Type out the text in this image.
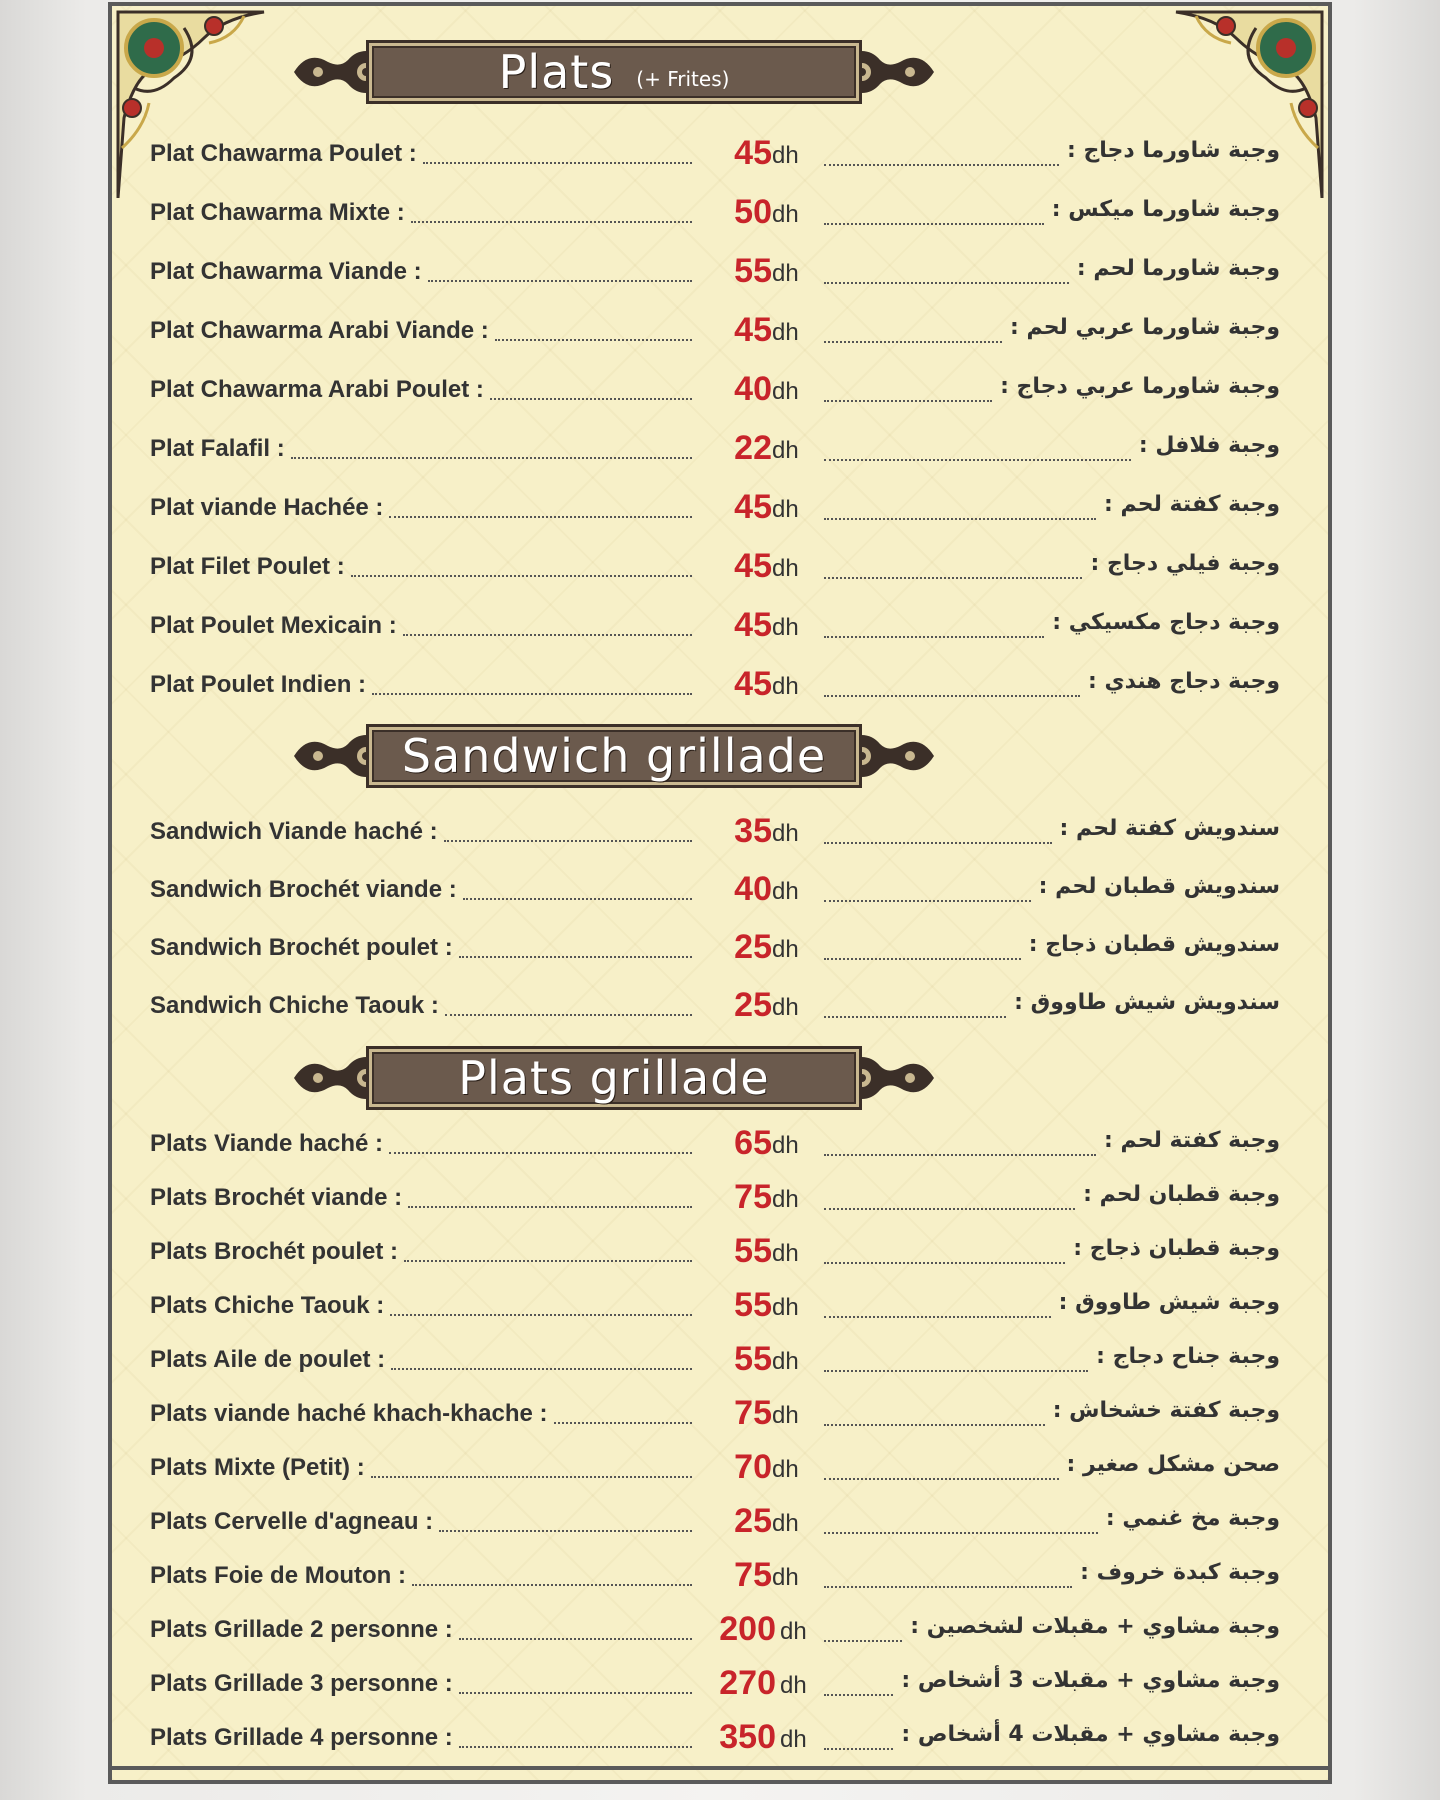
Plats (+ Frites)
Plat Chawarma Poulet :	45 dh	وجبة شاورما دجاج :
Plat Chawarma Mixte :	50 dh	وجبة شاورما ميكس :
Plat Chawarma Viande :	55 dh	وجبة شاورما لحم :
Plat Chawarma Arabi Viande :	45 dh	وجبة شاورما عربي لحم :
Plat Chawarma Arabi Poulet :	40 dh	وجبة شاورما عربي دجاج :
Plat Falafil :	22 dh	وجبة فلافل :
Plat viande Hachée :	45 dh	وجبة كفتة لحم :
Plat Filet Poulet :	45 dh	وجبة فيلي دجاج :
Plat Poulet Mexicain :	45 dh	وجبة دجاج مكسيكي :
Plat Poulet Indien :	45 dh	وجبة دجاج هندي :
Sandwich grillade
Sandwich Viande haché :	35 dh	سندويش كفتة لحم :
Sandwich Brochét viande :	40 dh	سندويش قطبان لحم :
Sandwich Brochét poulet :	25 dh	سندويش قطبان ذجاج :
Sandwich Chiche Taouk :	25 dh	سندويش شيش طاووق :
Plats grillade
Plats Viande haché :	65 dh	وجبة كفتة لحم :
Plats Brochét viande :	75 dh	وجبة قطبان لحم :
Plats Brochét poulet :	55 dh	وجبة قطبان ذجاج :
Plats Chiche Taouk :	55 dh	وجبة شيش طاووق :
Plats Aile de poulet :	55 dh	وجبة جناح دجاج :
Plats viande haché khach-khache :	75 dh	وجبة كفتة خشخاش :
Plats Mixte (Petit) :	70 dh	صحن مشكل صغير :
Plats Cervelle d'agneau :	25 dh	وجبة مخ غنمي :
Plats Foie de Mouton :	75 dh	وجبة كبدة خروف :
Plats Grillade 2 personne :	200 dh	وجبة مشاوي + مقبلات لشخصين :
Plats Grillade 3 personne :	270 dh	وجبة مشاوي + مقبلات 3 أشخاص :
Plats Grillade 4 personne :	350 dh	وجبة مشاوي + مقبلات 4 أشخاص :
